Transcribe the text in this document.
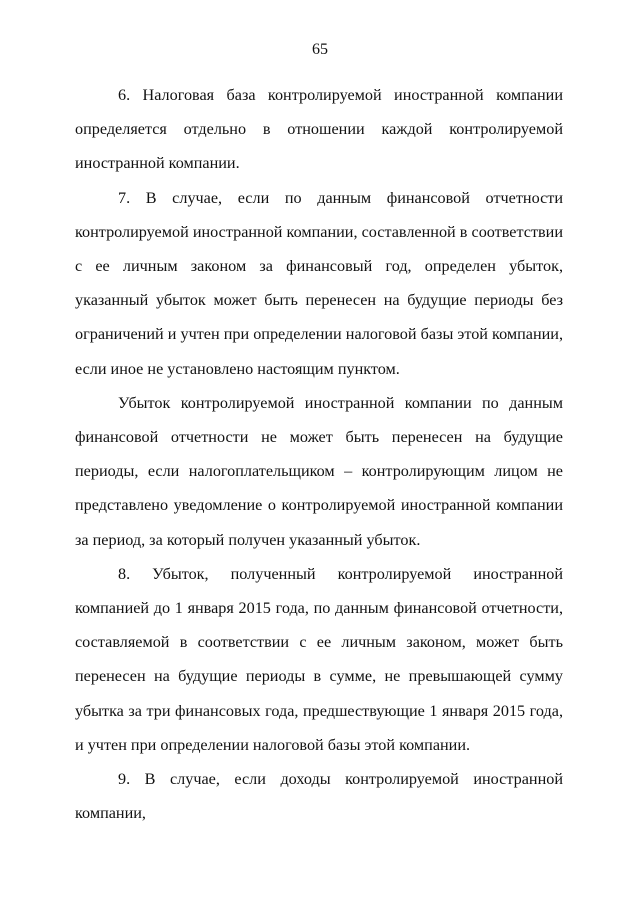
65

6. Налоговая база контролируемой иностранной компании определяется отдельно в отношении каждой контролируемой иностранной компании.

7. В случае, если по данным финансовой отчетности контролируемой иностранной компании, составленной в соответствии с ее личным законом за финансовый год, определен убыток, указанный убыток может быть перенесен на будущие периоды без ограничений и учтен при определении налоговой базы этой компании, если иное не установлено настоящим пунктом.

Убыток контролируемой иностранной компании по данным финансовой отчетности не может быть перенесен на будущие периоды, если налогоплательщиком – контролирующим лицом не представлено уведомление о контролируемой иностранной компании за период, за который получен указанный убыток.

8. Убыток, полученный контролируемой иностранной компанией до 1 января 2015 года, по данным финансовой отчетности, составляемой в соответствии с ее личным законом, может быть перенесен на будущие периоды в сумме, не превышающей сумму убытка за три финансовых года, предшествующие 1 января 2015 года, и учтен при определении налоговой базы этой компании.

9. В случае, если доходы контролируемой иностранной компании,
